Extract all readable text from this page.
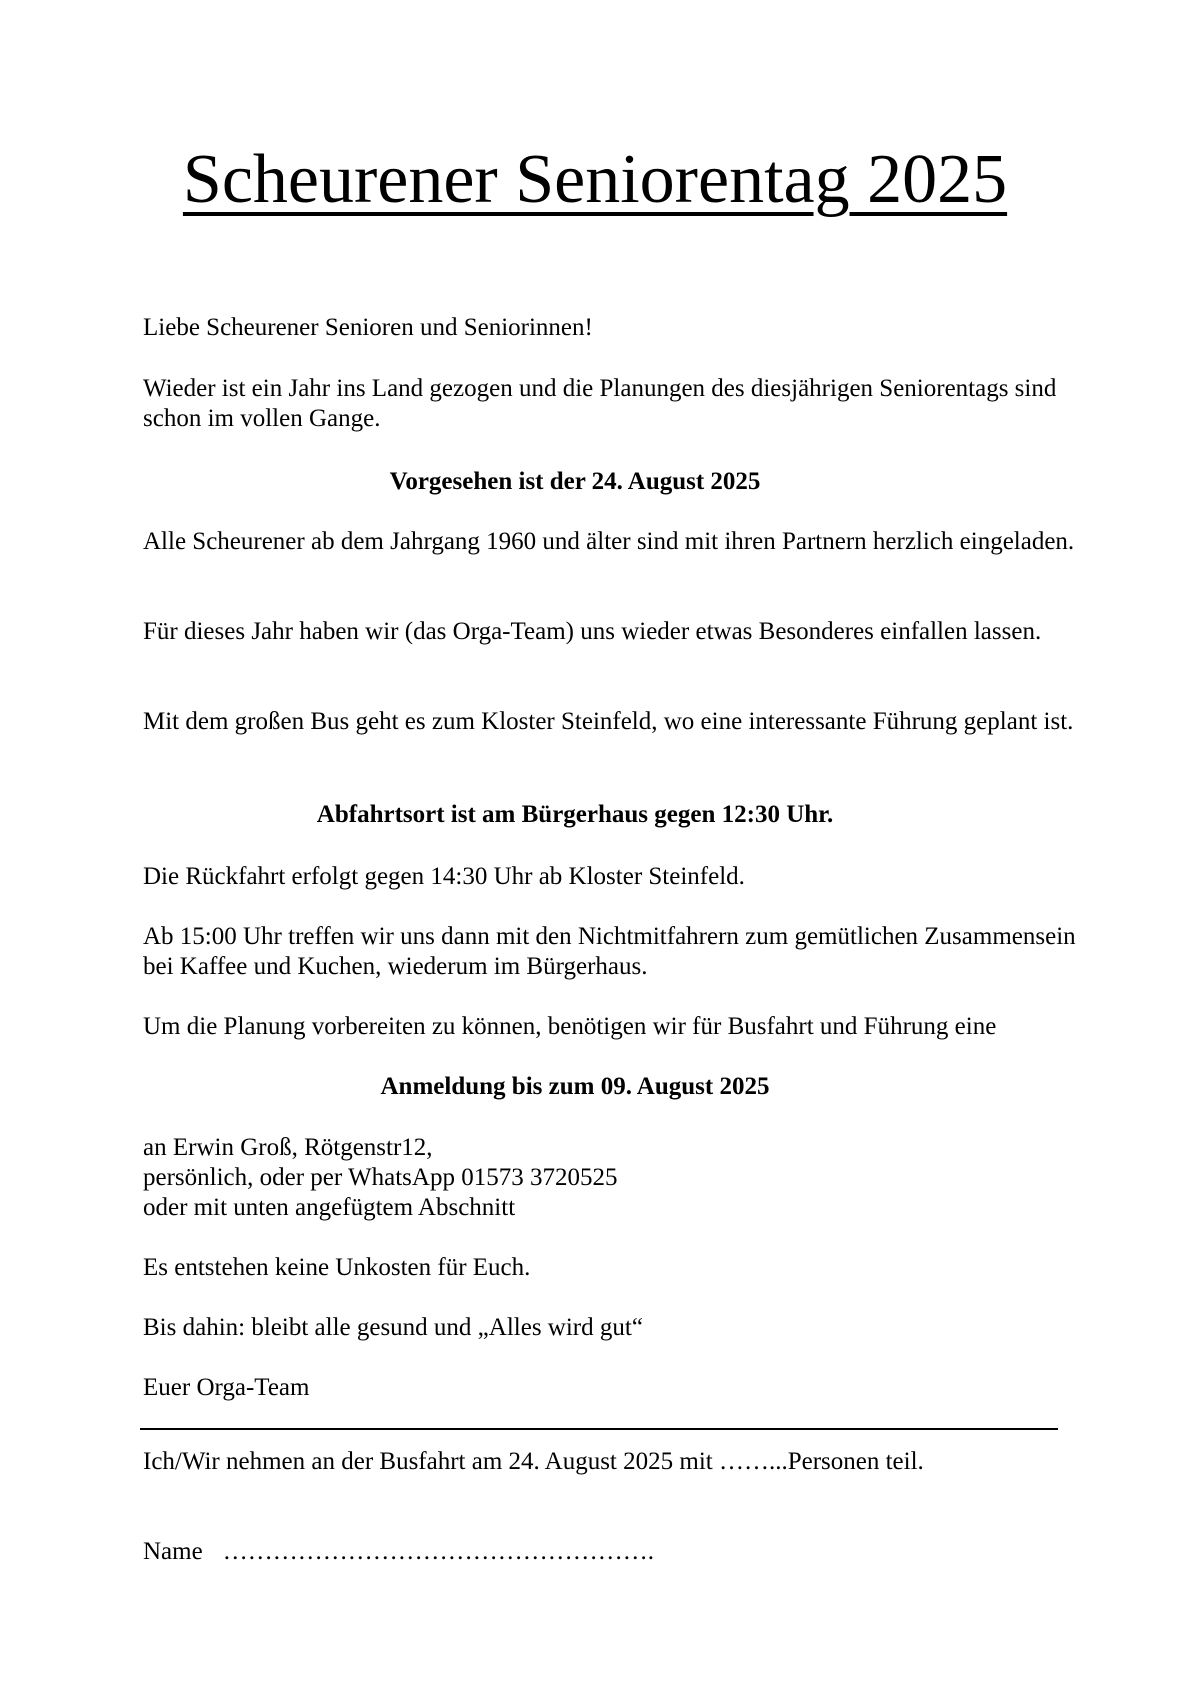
Scheurener Seniorentag 2025

Liebe Scheurener Senioren und Seniorinnen!

Wieder ist ein Jahr ins Land gezogen und die Planungen des diesjährigen Seniorentags sind schon im vollen Gange.

Vorgesehen ist der 24. August 2025

Alle Scheurener ab dem Jahrgang 1960 und älter sind mit ihren Partnern herzlich eingeladen.

Für dieses Jahr haben wir (das Orga-Team) uns wieder etwas Besonderes einfallen lassen.

Mit dem großen Bus geht es zum Kloster Steinfeld, wo eine interessante Führung geplant ist.

Abfahrtsort ist am Bürgerhaus gegen 12:30 Uhr.

Die Rückfahrt erfolgt gegen 14:30 Uhr ab Kloster Steinfeld.

Ab 15:00 Uhr treffen wir uns dann mit den Nichtmitfahrern zum gemütlichen Zusammensein bei Kaffee und Kuchen, wiederum im Bürgerhaus.

Um die Planung vorbereiten zu können, benötigen wir für Busfahrt und Führung eine

Anmeldung bis zum 09. August 2025

an Erwin Groß, Rötgenstr12,
persönlich, oder per WhatsApp 01573 3720525
oder mit unten angefügtem Abschnitt

Es entstehen keine Unkosten für Euch.

Bis dahin: bleibt alle gesund und „Alles wird gut“

Euer Orga-Team

Ich/Wir nehmen an der Busfahrt am 24. August 2025 mit ……...Personen teil.

Name …………………………………………….
